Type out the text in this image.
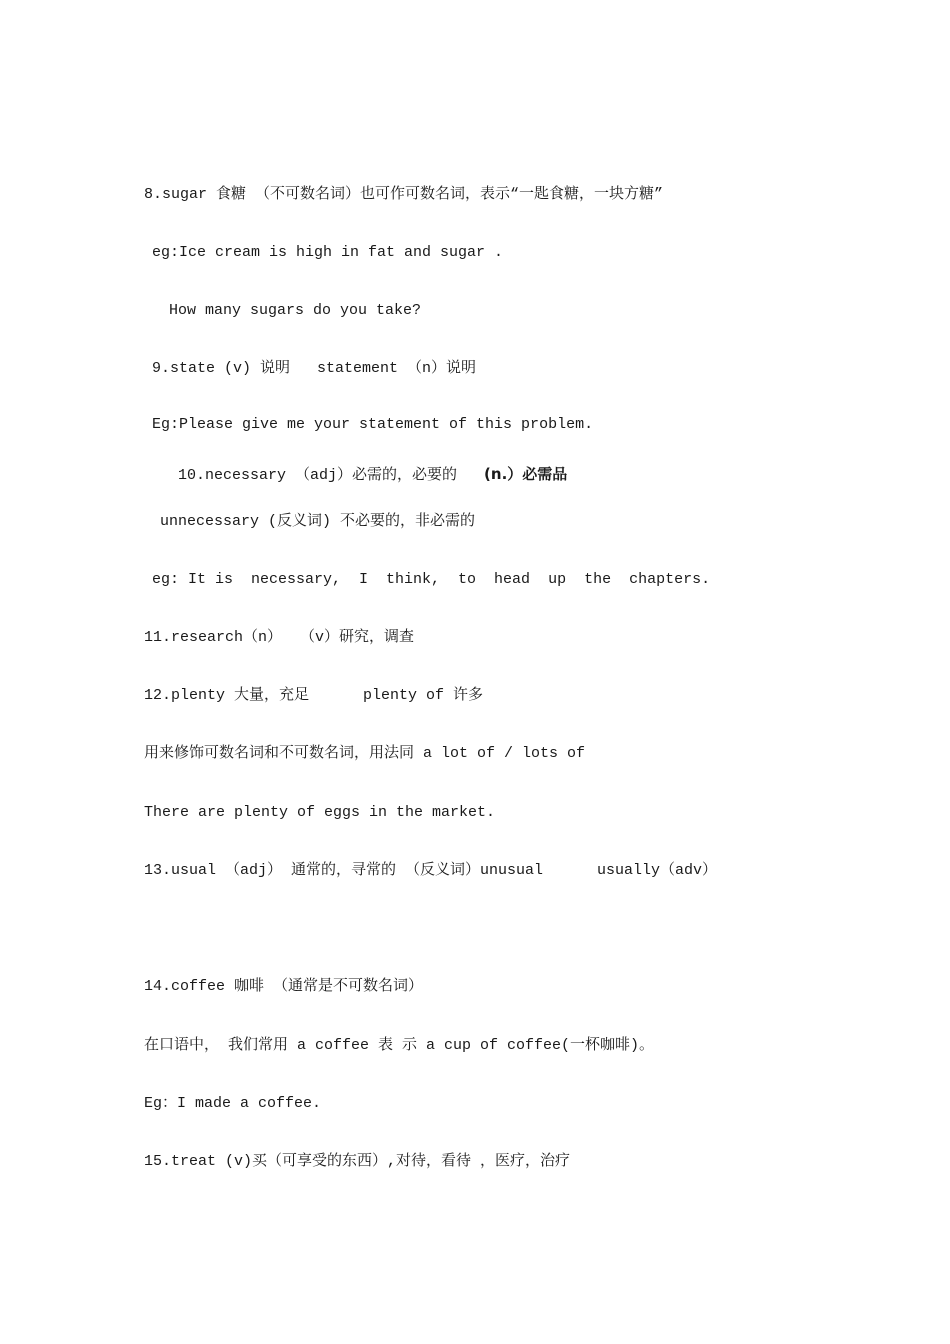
8.sugar 食糖 （不可数名词）也可作可数名词，表示“一匙食糖，一块方糖”
eg:Ice cream is high in fat and sugar .
How many sugars do you take?
9.state (v) 说明   statement （n）说明
Eg:Please give me your statement of this problem.
10.necessary （adj）必需的，必要的   (n.）必需品
unnecessary (反义词) 不必要的，非必需的
eg: It is  necessary,  I  think,  to  head  up  the  chapters.
11.research（n）  （v）研究，调查
12.plenty 大量，充足      plenty of 许多
用来修饰可数名词和不可数名词，用法同 a lot of / lots of
There are plenty of eggs in the market.
13.usual （adj） 通常的，寻常的 （反义词）unusual      usually（adv）
14.coffee 咖啡 （通常是不可数名词）
在口语中， 我们常用 a coffee 表 示 a cup of coffee(一杯咖啡)。
Eg：I made a coffee.
15.treat (v)买（可享受的东西）,对待，看待 ，医疗，治疗
